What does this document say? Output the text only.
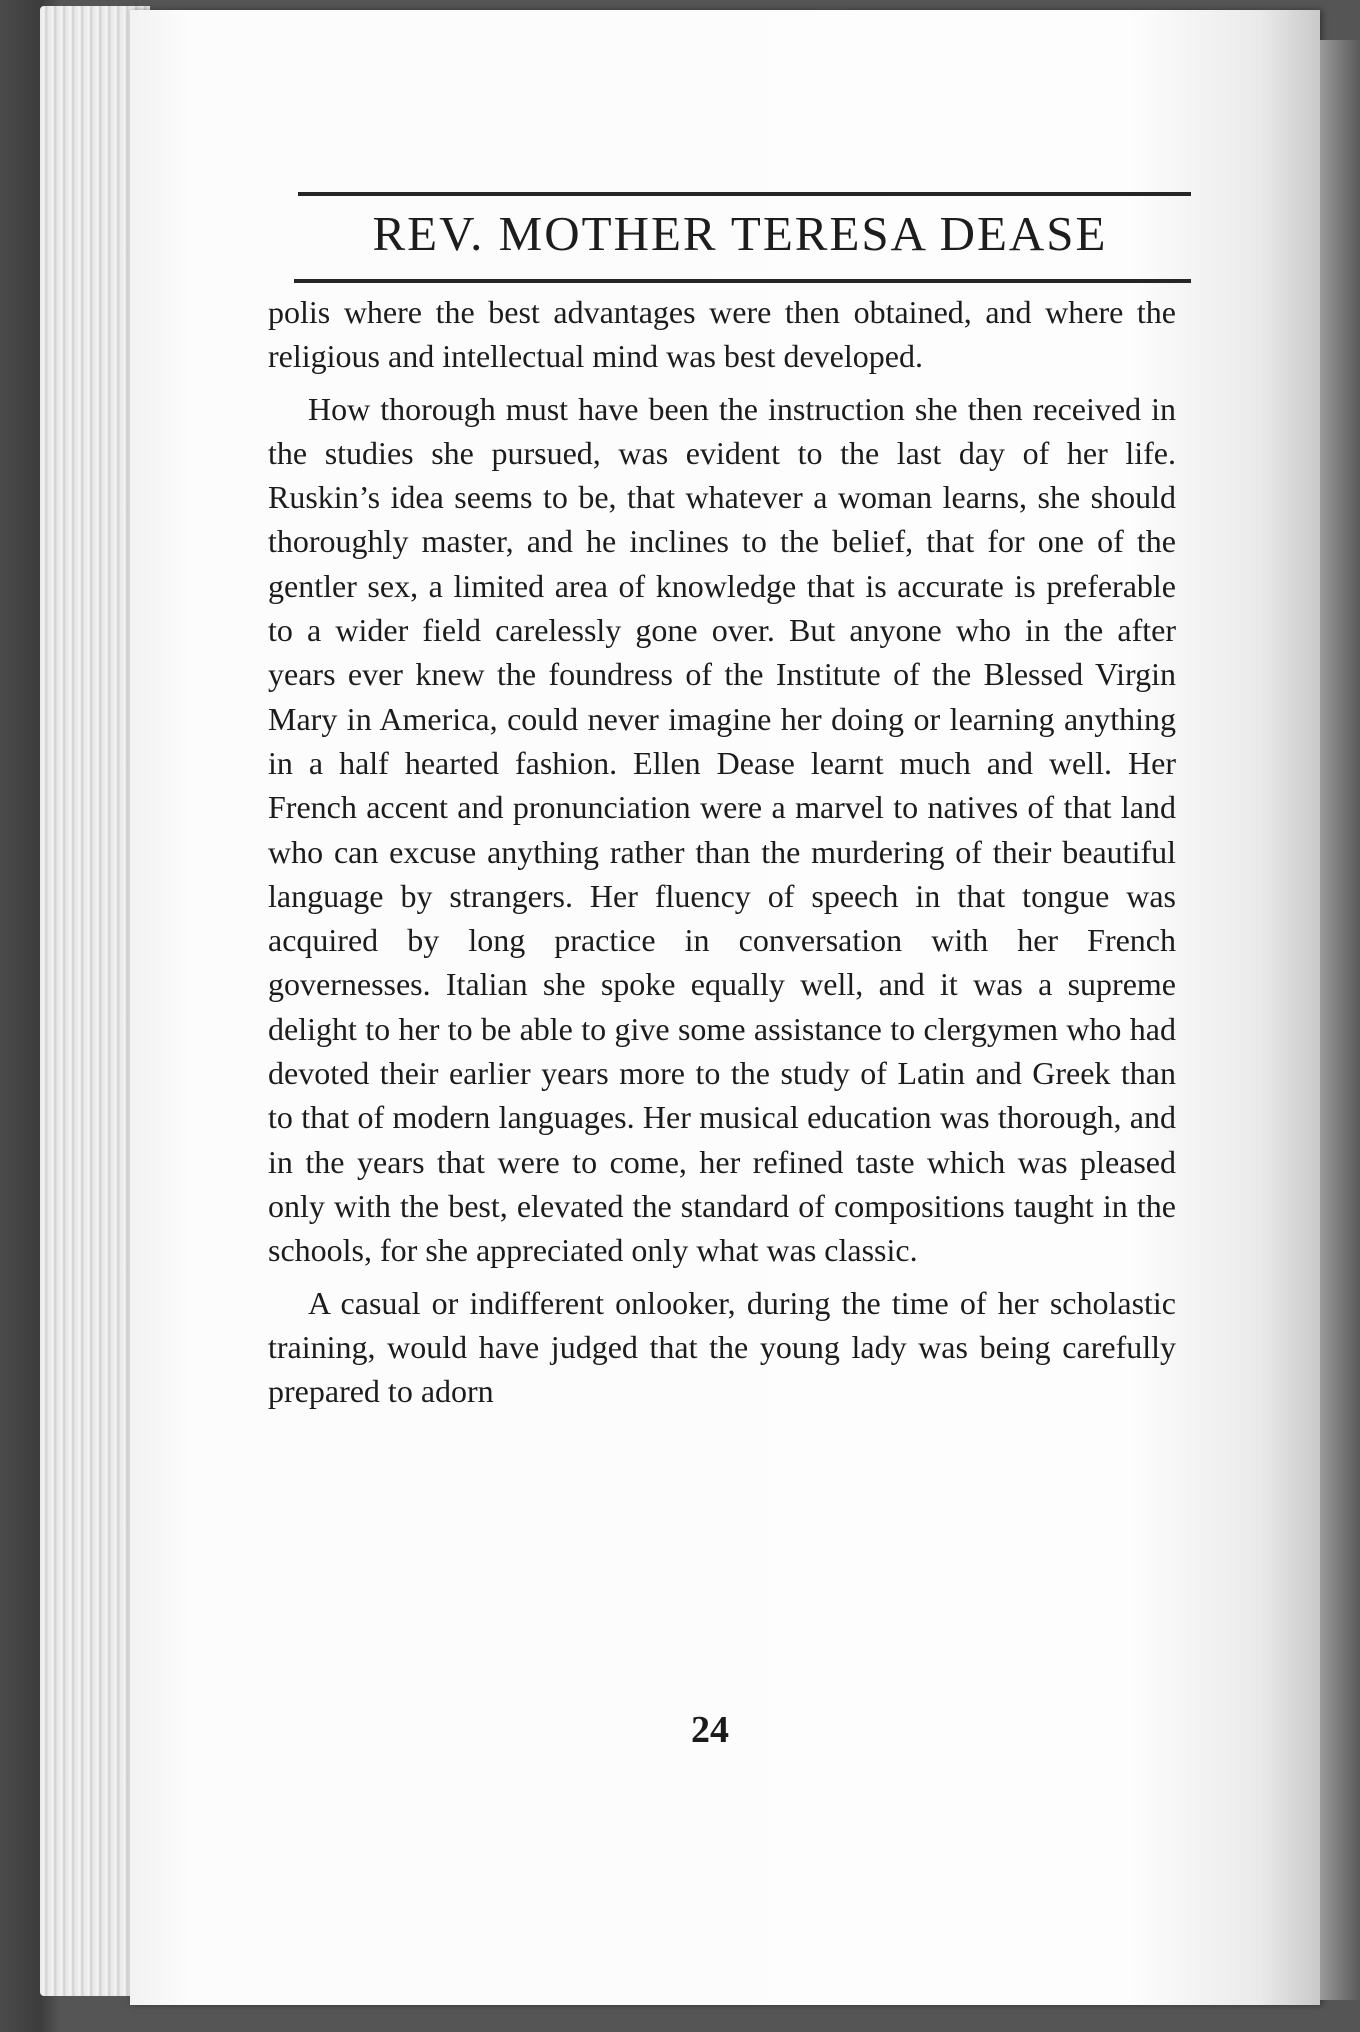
REV. MOTHER TERESA DEASE

polis where the best advantages were then obtained, and where the religious and intellectual mind was best developed.

How thorough must have been the instruction she then received in the studies she pursued, was evident to the last day of her life. Ruskin’s idea seems to be, that whatever a woman learns, she should thoroughly master, and he inclines to the belief, that for one of the gentler sex, a limited area of knowledge that is accurate is preferable to a wider field carelessly gone over. But anyone who in the after years ever knew the foundress of the Institute of the Blessed Virgin Mary in America, could never imagine her doing or learning anything in a half hearted fashion. Ellen Dease learnt much and well. Her French accent and pronunciation were a marvel to natives of that land who can excuse anything rather than the murdering of their beautiful language by strangers. Her fluency of speech in that tongue was acquired by long practice in conversation with her French governesses. Italian she spoke equally well, and it was a supreme delight to her to be able to give some assistance to clergymen who had devoted their earlier years more to the study of Latin and Greek than to that of modern languages. Her musical education was thorough, and in the years that were to come, her refined taste which was pleased only with the best, elevated the standard of compositions taught in the schools, for she appreciated only what was classic.

A casual or indifferent onlooker, during the time of her scholastic training, would have judged that the young lady was being carefully prepared to adorn

24
